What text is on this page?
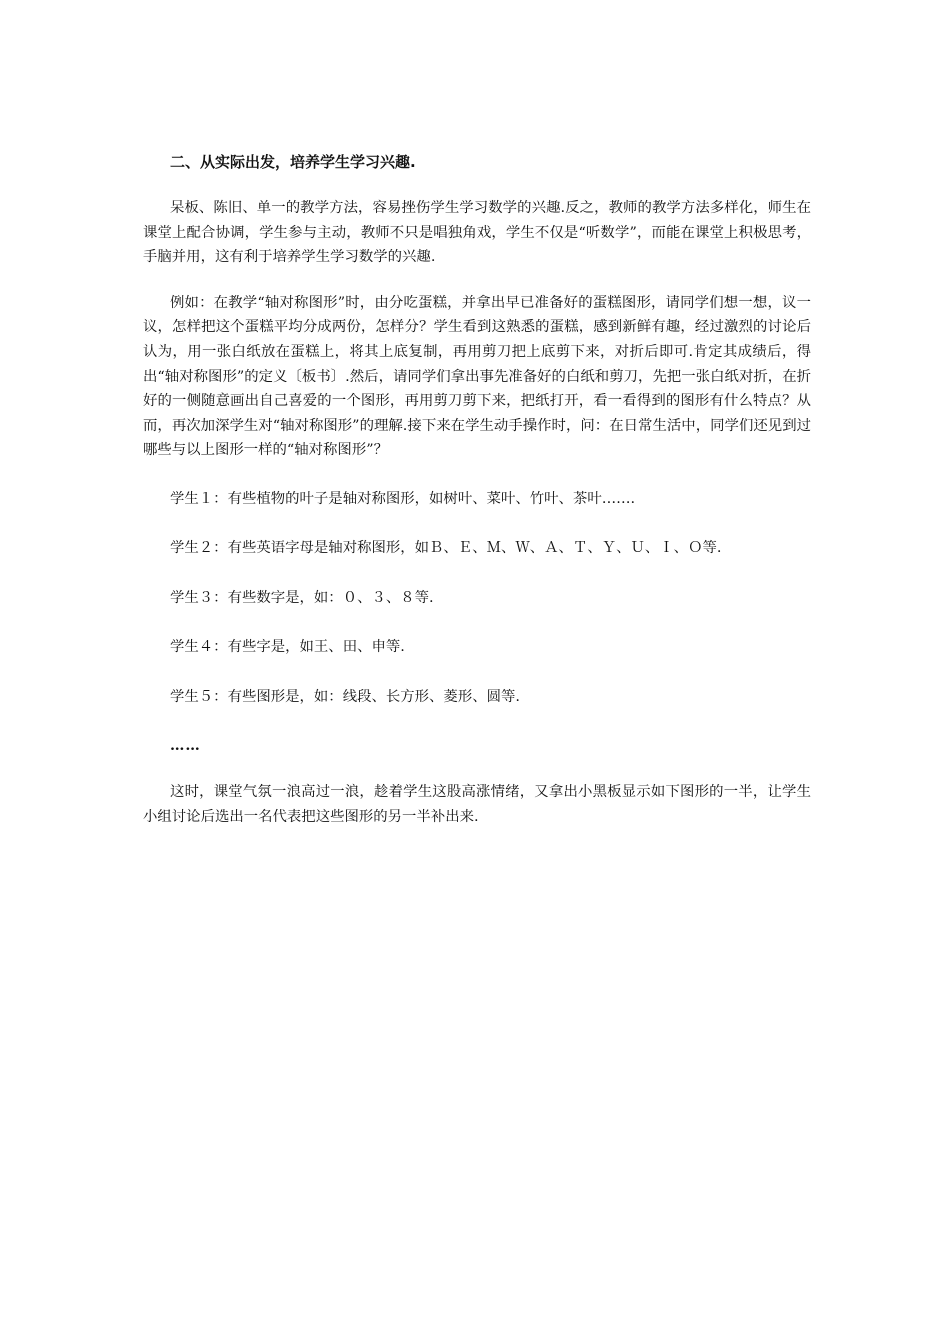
二、从实际出发，培养学生学习兴趣.

呆板、陈旧、单一的教学方法，容易挫伤学生学习数学的兴趣.反之，教师的教学方法多样化，师生在课堂上配合协调，学生参与主动，教师不只是唱独角戏，学生不仅是“听数学”，而能在课堂上积极思考，手脑并用，这有利于培养学生学习数学的兴趣.

例如：在教学“轴对称图形”时，由分吃蛋糕，并拿出早已准备好的蛋糕图形，请同学们想一想，议一议，怎样把这个蛋糕平均分成两份，怎样分？学生看到这熟悉的蛋糕，感到新鲜有趣，经过激烈的讨论后认为，用一张白纸放在蛋糕上，将其上底复制，再用剪刀把上底剪下来，对折后即可.肯定其成绩后，得出“轴对称图形”的定义〔板书〕.然后，请同学们拿出事先准备好的白纸和剪刀，先把一张白纸对折，在折好的一侧随意画出自己喜爱的一个图形，再用剪刀剪下来，把纸打开，看一看得到的图形有什么特点？从而，再次加深学生对“轴对称图形”的理解.接下来在学生动手操作时，问：在日常生活中，同学们还见到过哪些与以上图形一样的“轴对称图形”？

学生１：有些植物的叶子是轴对称图形，如树叶、菜叶、竹叶、茶叶…….
学生２：有些英语字母是轴对称图形，如Ｂ、Ｅ、Ｍ、Ｗ、Ａ、Ｔ、Ｙ、Ｕ、Ｉ、Ｏ等.
学生３：有些数字是，如：０、３、８等.
学生４：有些字是，如王、田、申等.
学生５：有些图形是，如：线段、长方形、菱形、圆等.
……

这时，课堂气氛一浪高过一浪，趁着学生这股高涨情绪，又拿出小黑板显示如下图形的一半，让学生小组讨论后选出一名代表把这些图形的另一半补出来.
